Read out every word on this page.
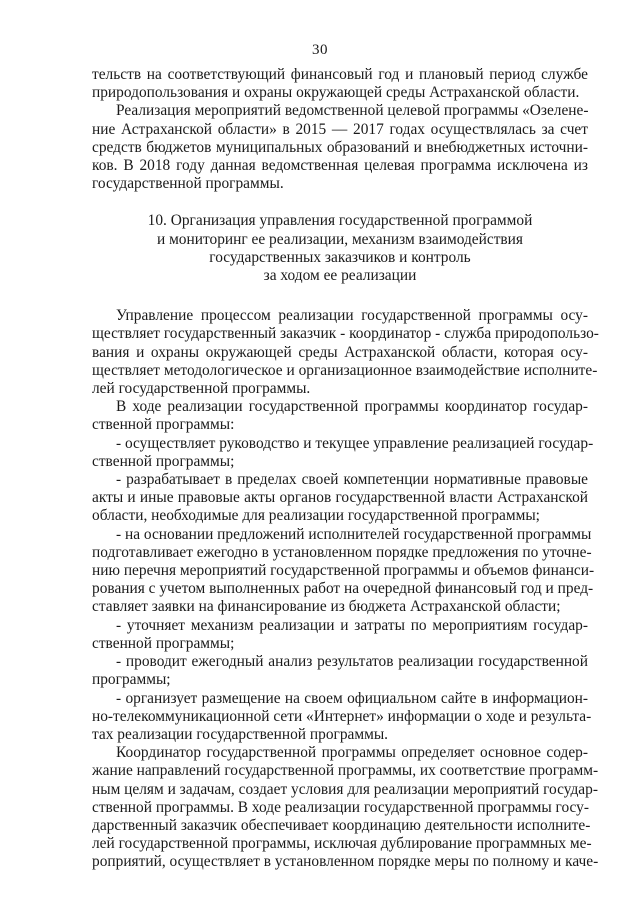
30

тельств на соответствующий финансовый год и плановый период службе
природопользования и охраны окружающей среды Астраханской области.

Реализация мероприятий ведомственной целевой программы «Озелене-
ние Астраханской области» в 2015 — 2017 годах осуществлялась за счет
средств бюджетов муниципальных образований и внебюджетных источни-
ков. В 2018 году данная ведомственная целевая программа исключена из
государственной программы.

10. Организация управления государственной программой
и мониторинг ее реализации, механизм взаимодействия
государственных заказчиков и контроль
за ходом ее реализации

Управление процессом реализации государственной программы осу-
ществляет государственный заказчик - координатор - служба природопользо-
вания и охраны окружающей среды Астраханской области, которая осу-
ществляет методологическое и организационное взаимодействие исполните-
лей государственной программы.

В ходе реализации государственной программы координатор государ-
ственной программы:

- осуществляет руководство и текущее управление реализацией государ-
ственной программы;

- разрабатывает в пределах своей компетенции нормативные правовые
акты и иные правовые акты органов государственной власти Астраханской
области, необходимые для реализации государственной программы;

- на основании предложений исполнителей государственной программы
подготавливает ежегодно в установленном порядке предложения по уточне-
нию перечня мероприятий государственной программы и объемов финанси-
рования с учетом выполненных работ на очередной финансовый год и пред-
ставляет заявки на финансирование из бюджета Астраханской области;

- уточняет механизм реализации и затраты по мероприятиям государ-
ственной программы;

- проводит ежегодный анализ результатов реализации государственной
программы;

- организует размещение на своем официальном сайте в информацион-
но-телекоммуникационной сети «Интернет» информации о ходе и результа-
тах реализации государственной программы.

Координатор государственной программы определяет основное содер-
жание направлений государственной программы, их соответствие программ-
ным целям и задачам, создает условия для реализации мероприятий государ-
ственной программы. В ходе реализации государственной программы госу-
дарственный заказчик обеспечивает координацию деятельности исполните-
лей государственной программы, исключая дублирование программных ме-
роприятий, осуществляет в установленном порядке меры по полному и каче-
